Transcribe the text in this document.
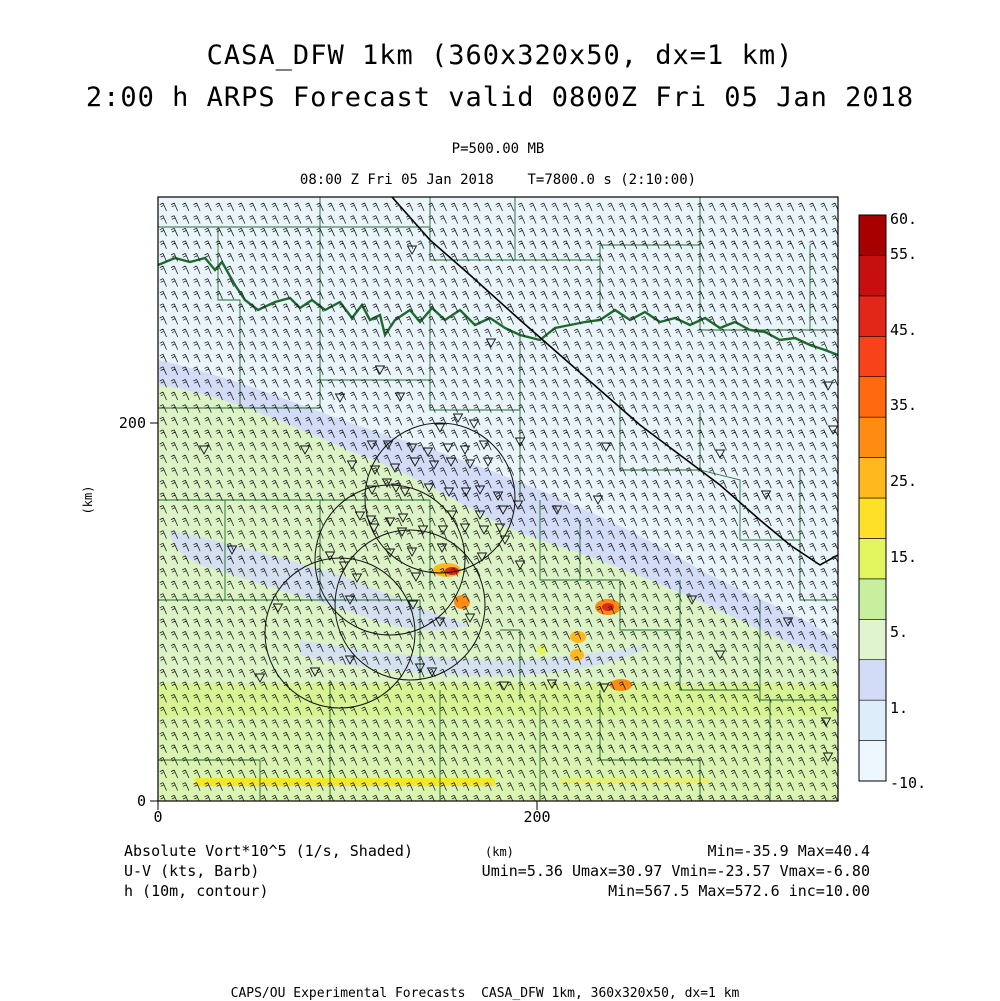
CASA_DFW 1km (360x320x50, dx=1 km)
2:00 h ARPS Forecast valid 0800Z Fri 05 Jan 2018
P=500.00 MB
08:00 Z Fri 05 Jan 2018    T=7800.0 s (2:10:00)
0	200
200
0
(km)
60.
55.
45.
35.
25.
15.
5.
1.
-10.
Absolute Vort*10^5 (1/s, Shaded)
U-V (kts, Barb)
h (10m, contour)
(km)	Min=-35.9 Max=40.4
Umin=5.36 Umax=30.97 Vmin=-23.57 Vmax=-6.80
Min=567.5 Max=572.6 inc=10.00
CAPS/OU Experimental Forecasts  CASA_DFW 1km, 360x320x50, dx=1 km
